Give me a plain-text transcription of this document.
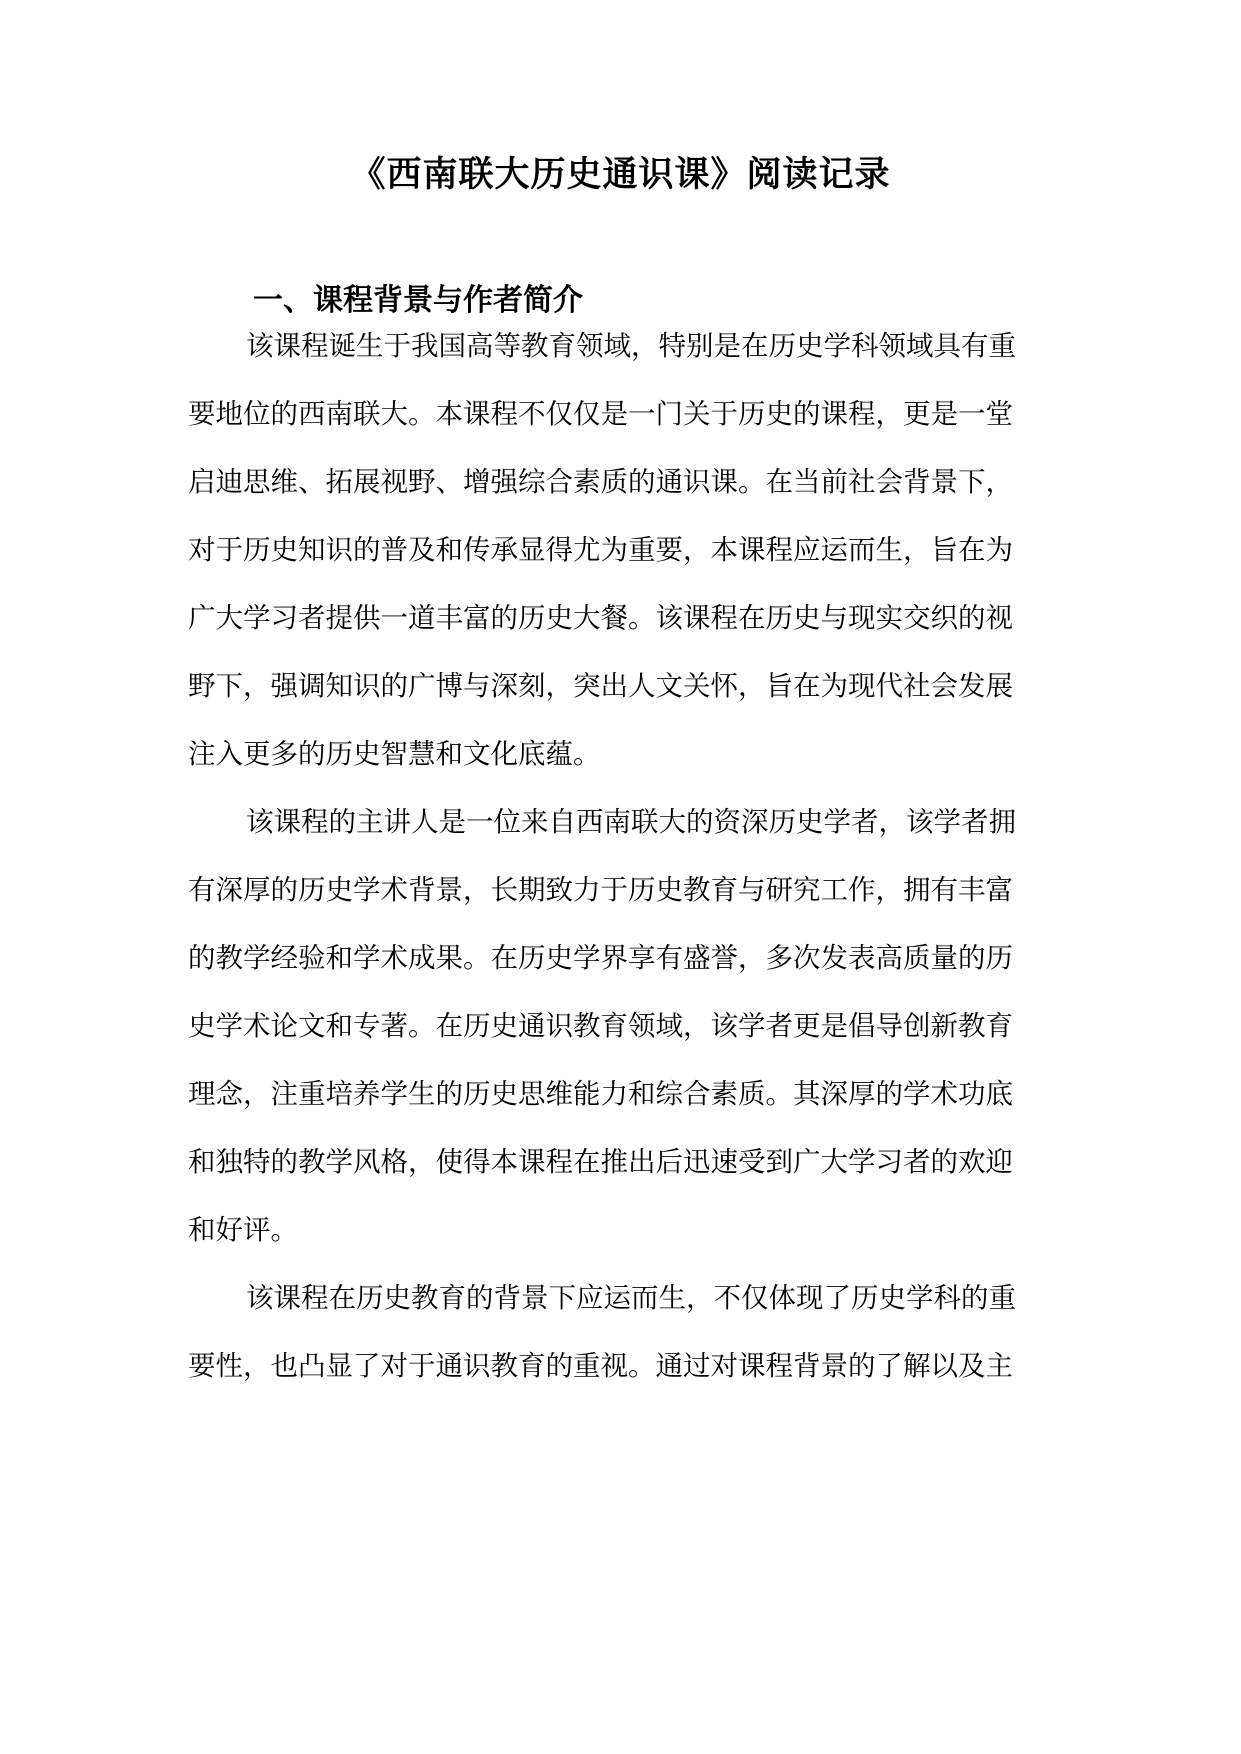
《西南联大历史通识课》阅读记录
一、课程背景与作者简介

该课程诞生于我国高等教育领域，特别是在历史学科领域具有重

要地位的西南联大。本课程不仅仅是一门关于历史的课程，更是一堂

启迪思维、拓展视野、增强综合素质的通识课。在当前社会背景下，

对于历史知识的普及和传承显得尤为重要，本课程应运而生，旨在为

广大学习者提供一道丰富的历史大餐。该课程在历史与现实交织的视

野下，强调知识的广博与深刻，突出人文关怀，旨在为现代社会发展

注入更多的历史智慧和文化底蕴。

该课程的主讲人是一位来自西南联大的资深历史学者，该学者拥

有深厚的历史学术背景，长期致力于历史教育与研究工作，拥有丰富

的教学经验和学术成果。在历史学界享有盛誉，多次发表高质量的历

史学术论文和专著。在历史通识教育领域，该学者更是倡导创新教育

理念，注重培养学生的历史思维能力和综合素质。其深厚的学术功底

和独特的教学风格，使得本课程在推出后迅速受到广大学习者的欢迎

和好评。

该课程在历史教育的背景下应运而生，不仅体现了历史学科的重

要性，也凸显了对于通识教育的重视。通过对课程背景的了解以及主
